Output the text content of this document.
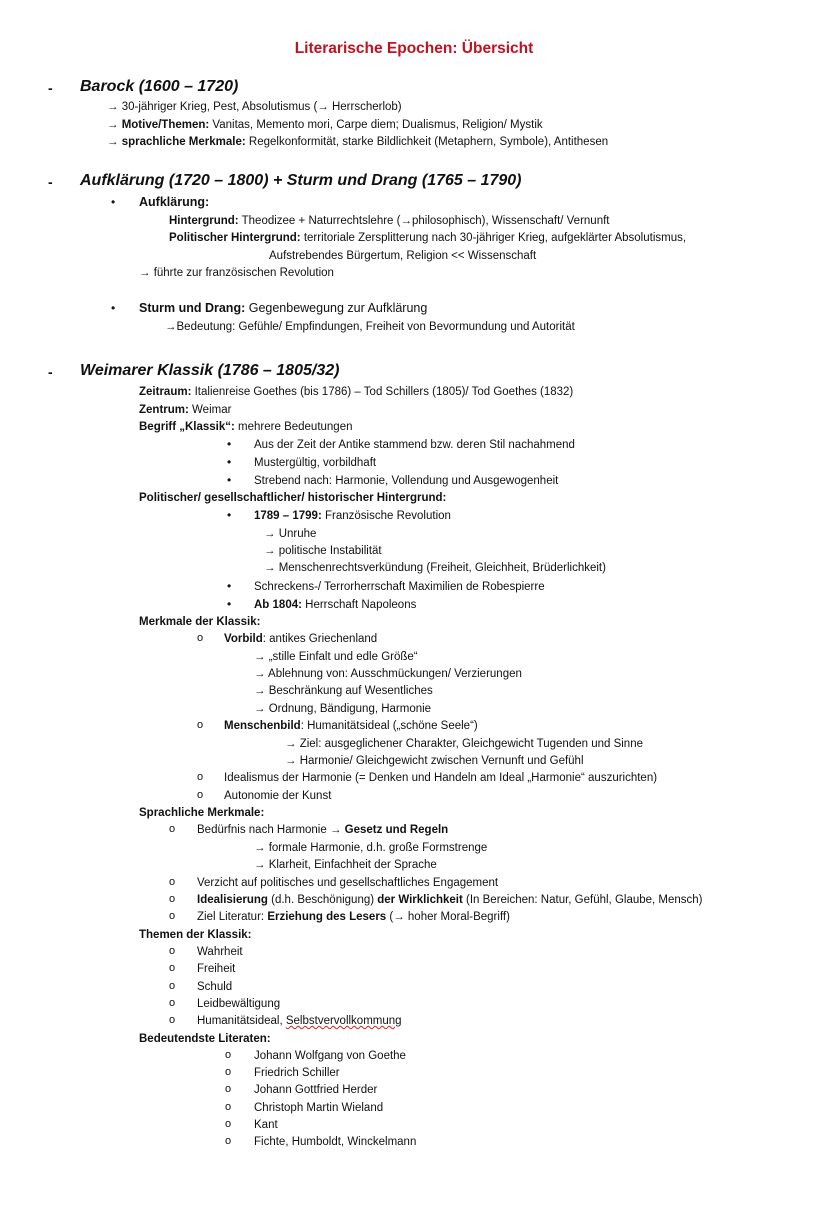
Literarische Epochen: Übersicht
- Barock (1600 – 1720)
→ 30-jähriger Krieg, Pest, Absolutismus (→ Herrscherlob)
→ Motive/Themen: Vanitas, Memento mori, Carpe diem; Dualismus, Religion/ Mystik
→ sprachliche Merkmale: Regelkonformität, starke Bildlichkeit (Metaphern, Symbole), Antithesen
- Aufklärung (1720 – 1800) + Sturm und Drang (1765 – 1790)
• Aufklärung:
Hintergrund: Theodizee + Naturrechtslehre (→philosophisch), Wissenschaft/ Vernunft
Politischer Hintergrund: territoriale Zersplitterung nach 30-jähriger Krieg, aufgeklärter Absolutismus,
Aufstrebendes Bürgertum, Religion << Wissenschaft
→ führte zur französischen Revolution
• Sturm und Drang: Gegenbewegung zur Aufklärung
→Bedeutung: Gefühle/ Empfindungen, Freiheit von Bevormundung und Autorität
- Weimarer Klassik (1786 – 1805/32)
Zeitraum: Italienreise Goethes (bis 1786) – Tod Schillers (1805)/ Tod Goethes (1832)
Zentrum: Weimar
Begriff „Klassik“: mehrere Bedeutungen
• Aus der Zeit der Antike stammend bzw. deren Stil nachahmend
• Mustergültig, vorbildhaft
• Strebend nach: Harmonie, Vollendung und Ausgewogenheit
Politischer/ gesellschaftlicher/ historischer Hintergrund:
• 1789 – 1799: Französische Revolution
→ Unruhe
→ politische Instabilität
→ Menschenrechtsverkündung (Freiheit, Gleichheit, Brüderlichkeit)
• Schreckens-/ Terrorherrschaft Maximilien de Robespierre
• Ab 1804: Herrschaft Napoleons
Merkmale der Klassik:
o Vorbild: antikes Griechenland
→ „stille Einfalt und edle Größe“
→ Ablehnung von: Ausschmückungen/ Verzierungen
→ Beschränkung auf Wesentliches
→ Ordnung, Bändigung, Harmonie
o Menschenbild: Humanitätsideal („schöne Seele“)
→ Ziel: ausgeglichener Charakter, Gleichgewicht Tugenden und Sinne
→ Harmonie/ Gleichgewicht zwischen Vernunft und Gefühl
o Idealismus der Harmonie (= Denken und Handeln am Ideal „Harmonie“ auszurichten)
o Autonomie der Kunst
Sprachliche Merkmale:
o Bedürfnis nach Harmonie → Gesetz und Regeln
→ formale Harmonie, d.h. große Formstrenge
→ Klarheit, Einfachheit der Sprache
o Verzicht auf politisches und gesellschaftliches Engagement
o Idealisierung (d.h. Beschönigung) der Wirklichkeit (In Bereichen: Natur, Gefühl, Glaube, Mensch)
o Ziel Literatur: Erziehung des Lesers (→ hoher Moral-Begriff)
Themen der Klassik:
o Wahrheit
o Freiheit
o Schuld
o Leidbewältigung
o Humanitätsideal, Selbstvervollkommung
Bedeutendste Literaten:
o Johann Wolfgang von Goethe
o Friedrich Schiller
o Johann Gottfried Herder
o Christoph Martin Wieland
o Kant
o Fichte, Humboldt, Winckelmann
